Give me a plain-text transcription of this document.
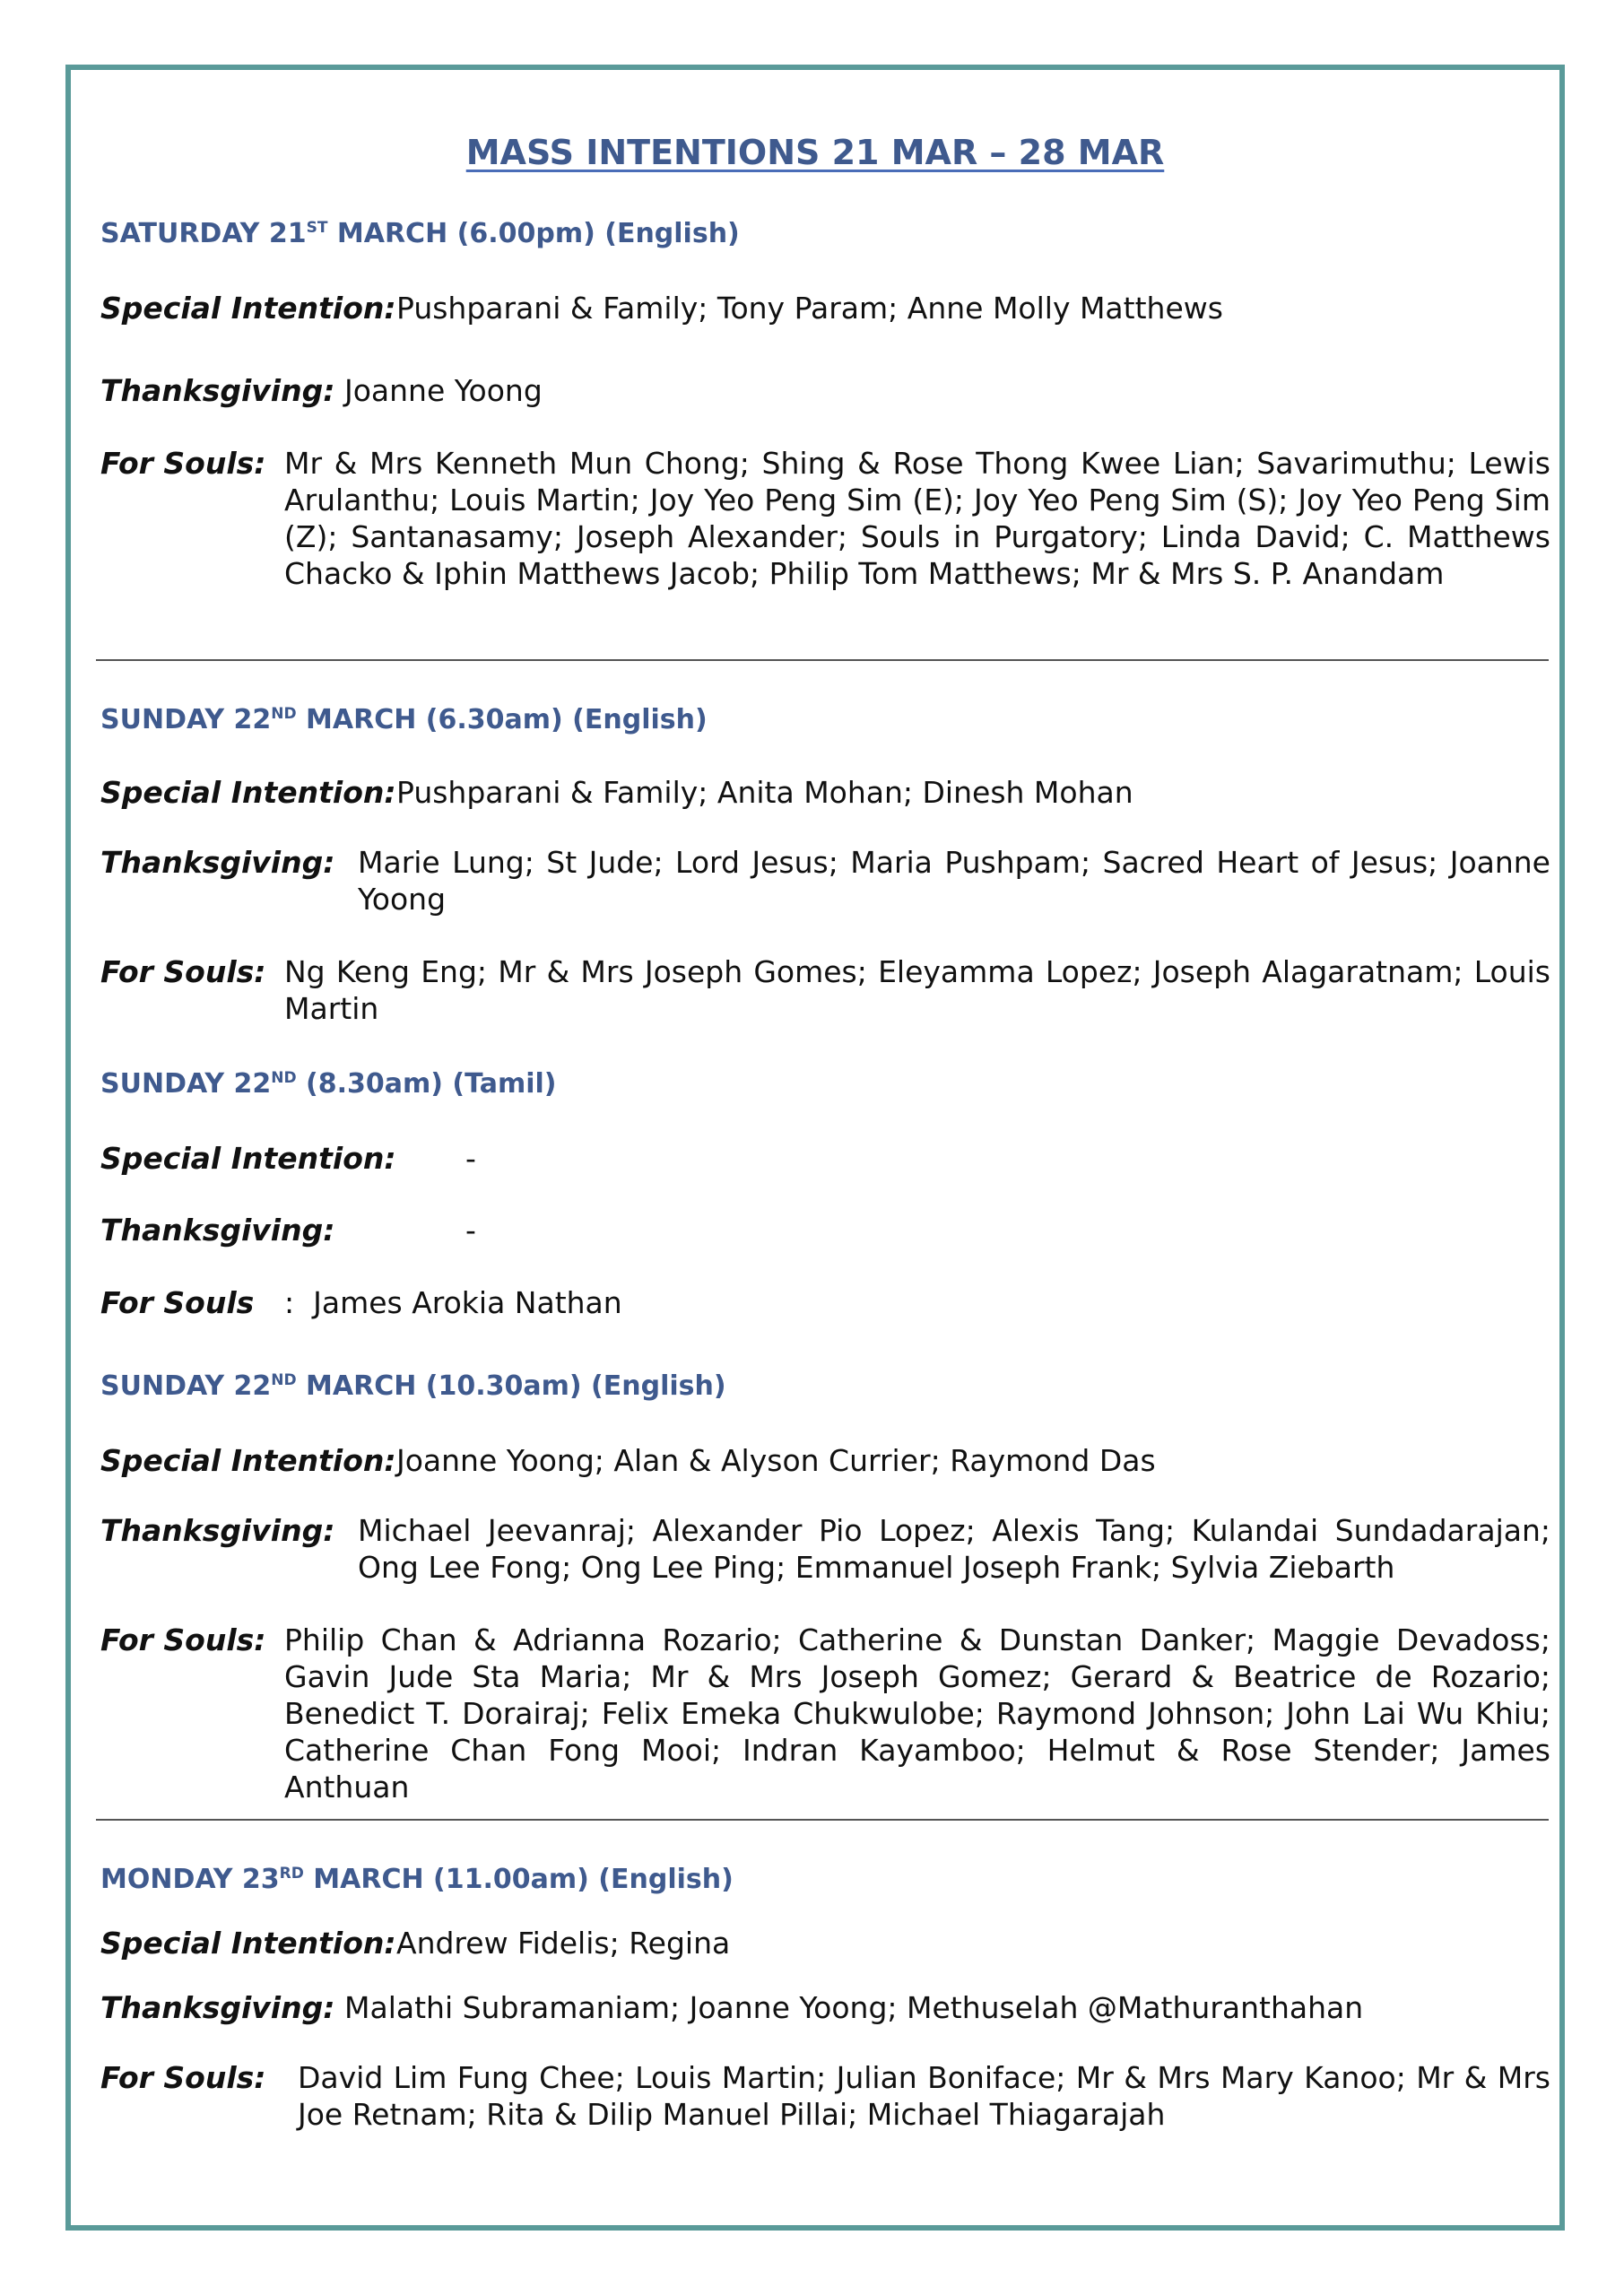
MASS INTENTIONS 21 MAR – 28 MAR
SATURDAY 21ST MARCH (6.00pm) (English)
Special Intention: Pushparani & Family; Tony Param; Anne Molly Matthews
Thanksgiving: Joanne Yoong
For Souls: Mr & Mrs Kenneth Mun Chong; Shing & Rose Thong Kwee Lian; Savarimuthu; Lewis Arulanthu; Louis Martin; Joy Yeo Peng Sim (E); Joy Yeo Peng Sim (S); Joy Yeo Peng Sim (Z); Santanasamy; Joseph Alexander; Souls in Purgatory; Linda David; C. Matthews Chacko & Iphin Matthews Jacob; Philip Tom Matthews; Mr & Mrs S. P. Anandam
SUNDAY 22ND MARCH (6.30am) (English)
Special Intention: Pushparani & Family; Anita Mohan; Dinesh Mohan
Thanksgiving: Marie Lung; St Jude; Lord Jesus; Maria Pushpam; Sacred Heart of Jesus; Joanne Yoong
For Souls: Ng Keng Eng; Mr & Mrs Joseph Gomes; Eleyamma Lopez; Joseph Alagaratnam; Louis Martin
SUNDAY 22ND (8.30am) (Tamil)
Special Intention:	-
Thanksgiving:	-
For Souls	:  James Arokia Nathan
SUNDAY 22ND MARCH (10.30am) (English)
Special Intention: Joanne Yoong; Alan & Alyson Currier; Raymond Das
Thanksgiving: Michael Jeevanraj; Alexander Pio Lopez; Alexis Tang; Kulandai Sundadarajan; Ong Lee Fong; Ong Lee Ping; Emmanuel Joseph Frank; Sylvia Ziebarth
For Souls: Philip Chan & Adrianna Rozario; Catherine & Dunstan Danker; Maggie Devadoss; Gavin Jude Sta Maria; Mr & Mrs Joseph Gomez; Gerard & Beatrice de Rozario; Benedict T. Dorairaj; Felix Emeka Chukwulobe; Raymond Johnson; John Lai Wu Khiu; Catherine Chan Fong Mooi; Indran Kayamboo; Helmut & Rose Stender; James Anthuan
MONDAY 23RD MARCH (11.00am) (English)
Special Intention: Andrew Fidelis; Regina
Thanksgiving: Malathi Subramaniam; Joanne Yoong; Methuselah @Mathuranthahan
For Souls:	David Lim Fung Chee; Louis Martin; Julian Boniface; Mr & Mrs Mary Kanoo; Mr & Mrs Joe Retnam; Rita & Dilip Manuel Pillai; Michael Thiagarajah
